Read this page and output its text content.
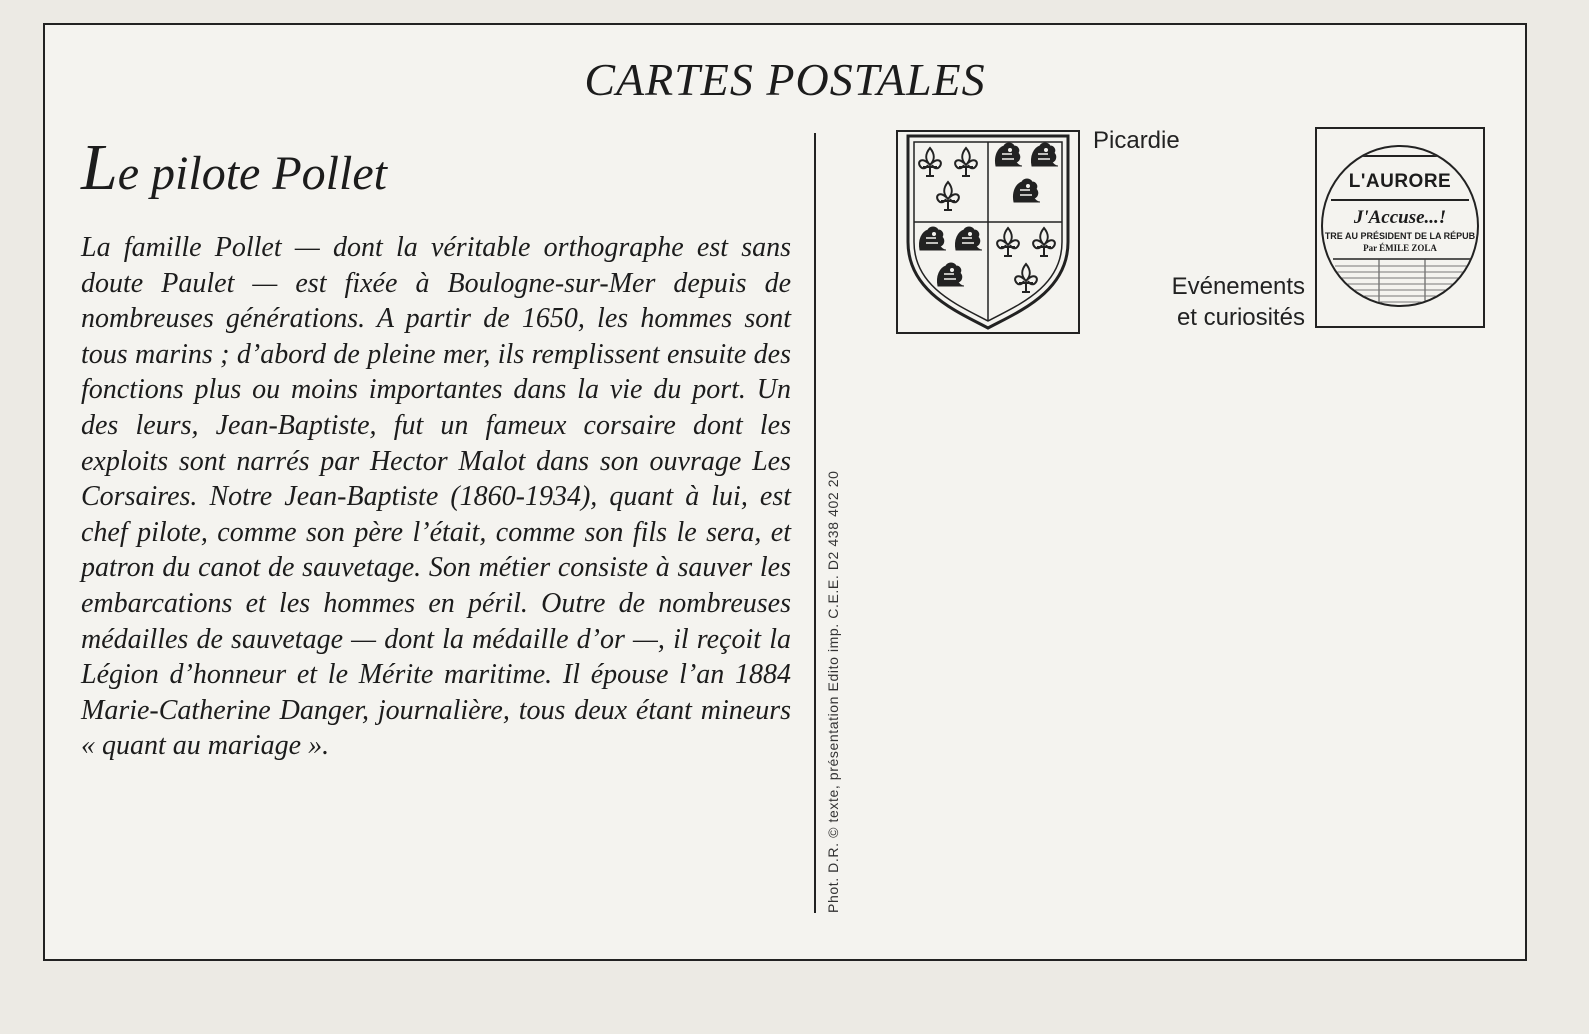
CARTES POSTALES
Le pilote Pollet
La famille Pollet — dont la véritable orthographe est sans doute Paulet — est fixée à Boulogne-sur-Mer depuis de nombreuses générations. A partir de 1650, les hommes sont tous marins ; d’abord de pleine mer, ils remplissent ensuite des fonctions plus ou moins importantes dans la vie du port. Un des leurs, Jean-Baptiste, fut un fameux corsaire dont les exploits sont narrés par Hector Malot dans son ouvrage Les Corsaires. Notre Jean-Baptiste (1860-1934), quant à lui, est chef pilote, comme son père l’était, comme son fils le sera, et patron du canot de sauvetage. Son métier consiste à sauver les embarcations et les hommes en péril. Outre de nombreuses médailles de sauvetage — dont la médaille d’or —, il reçoit la Légion d’honneur et le Mérite maritime. Il épouse l’an 1884 Marie-Catherine Danger, journalière, tous deux étant mineurs « quant au mariage ».	Phot. D.R. © texte, présentation Edito imp. C.E.E. D2 438 402 20
Picardie
Evénements
et curiosités
L'AURORE
J'Accuse...!
TRE AU PRÉSIDENT DE LA RÉPUB
Par ÉMILE ZOLA
